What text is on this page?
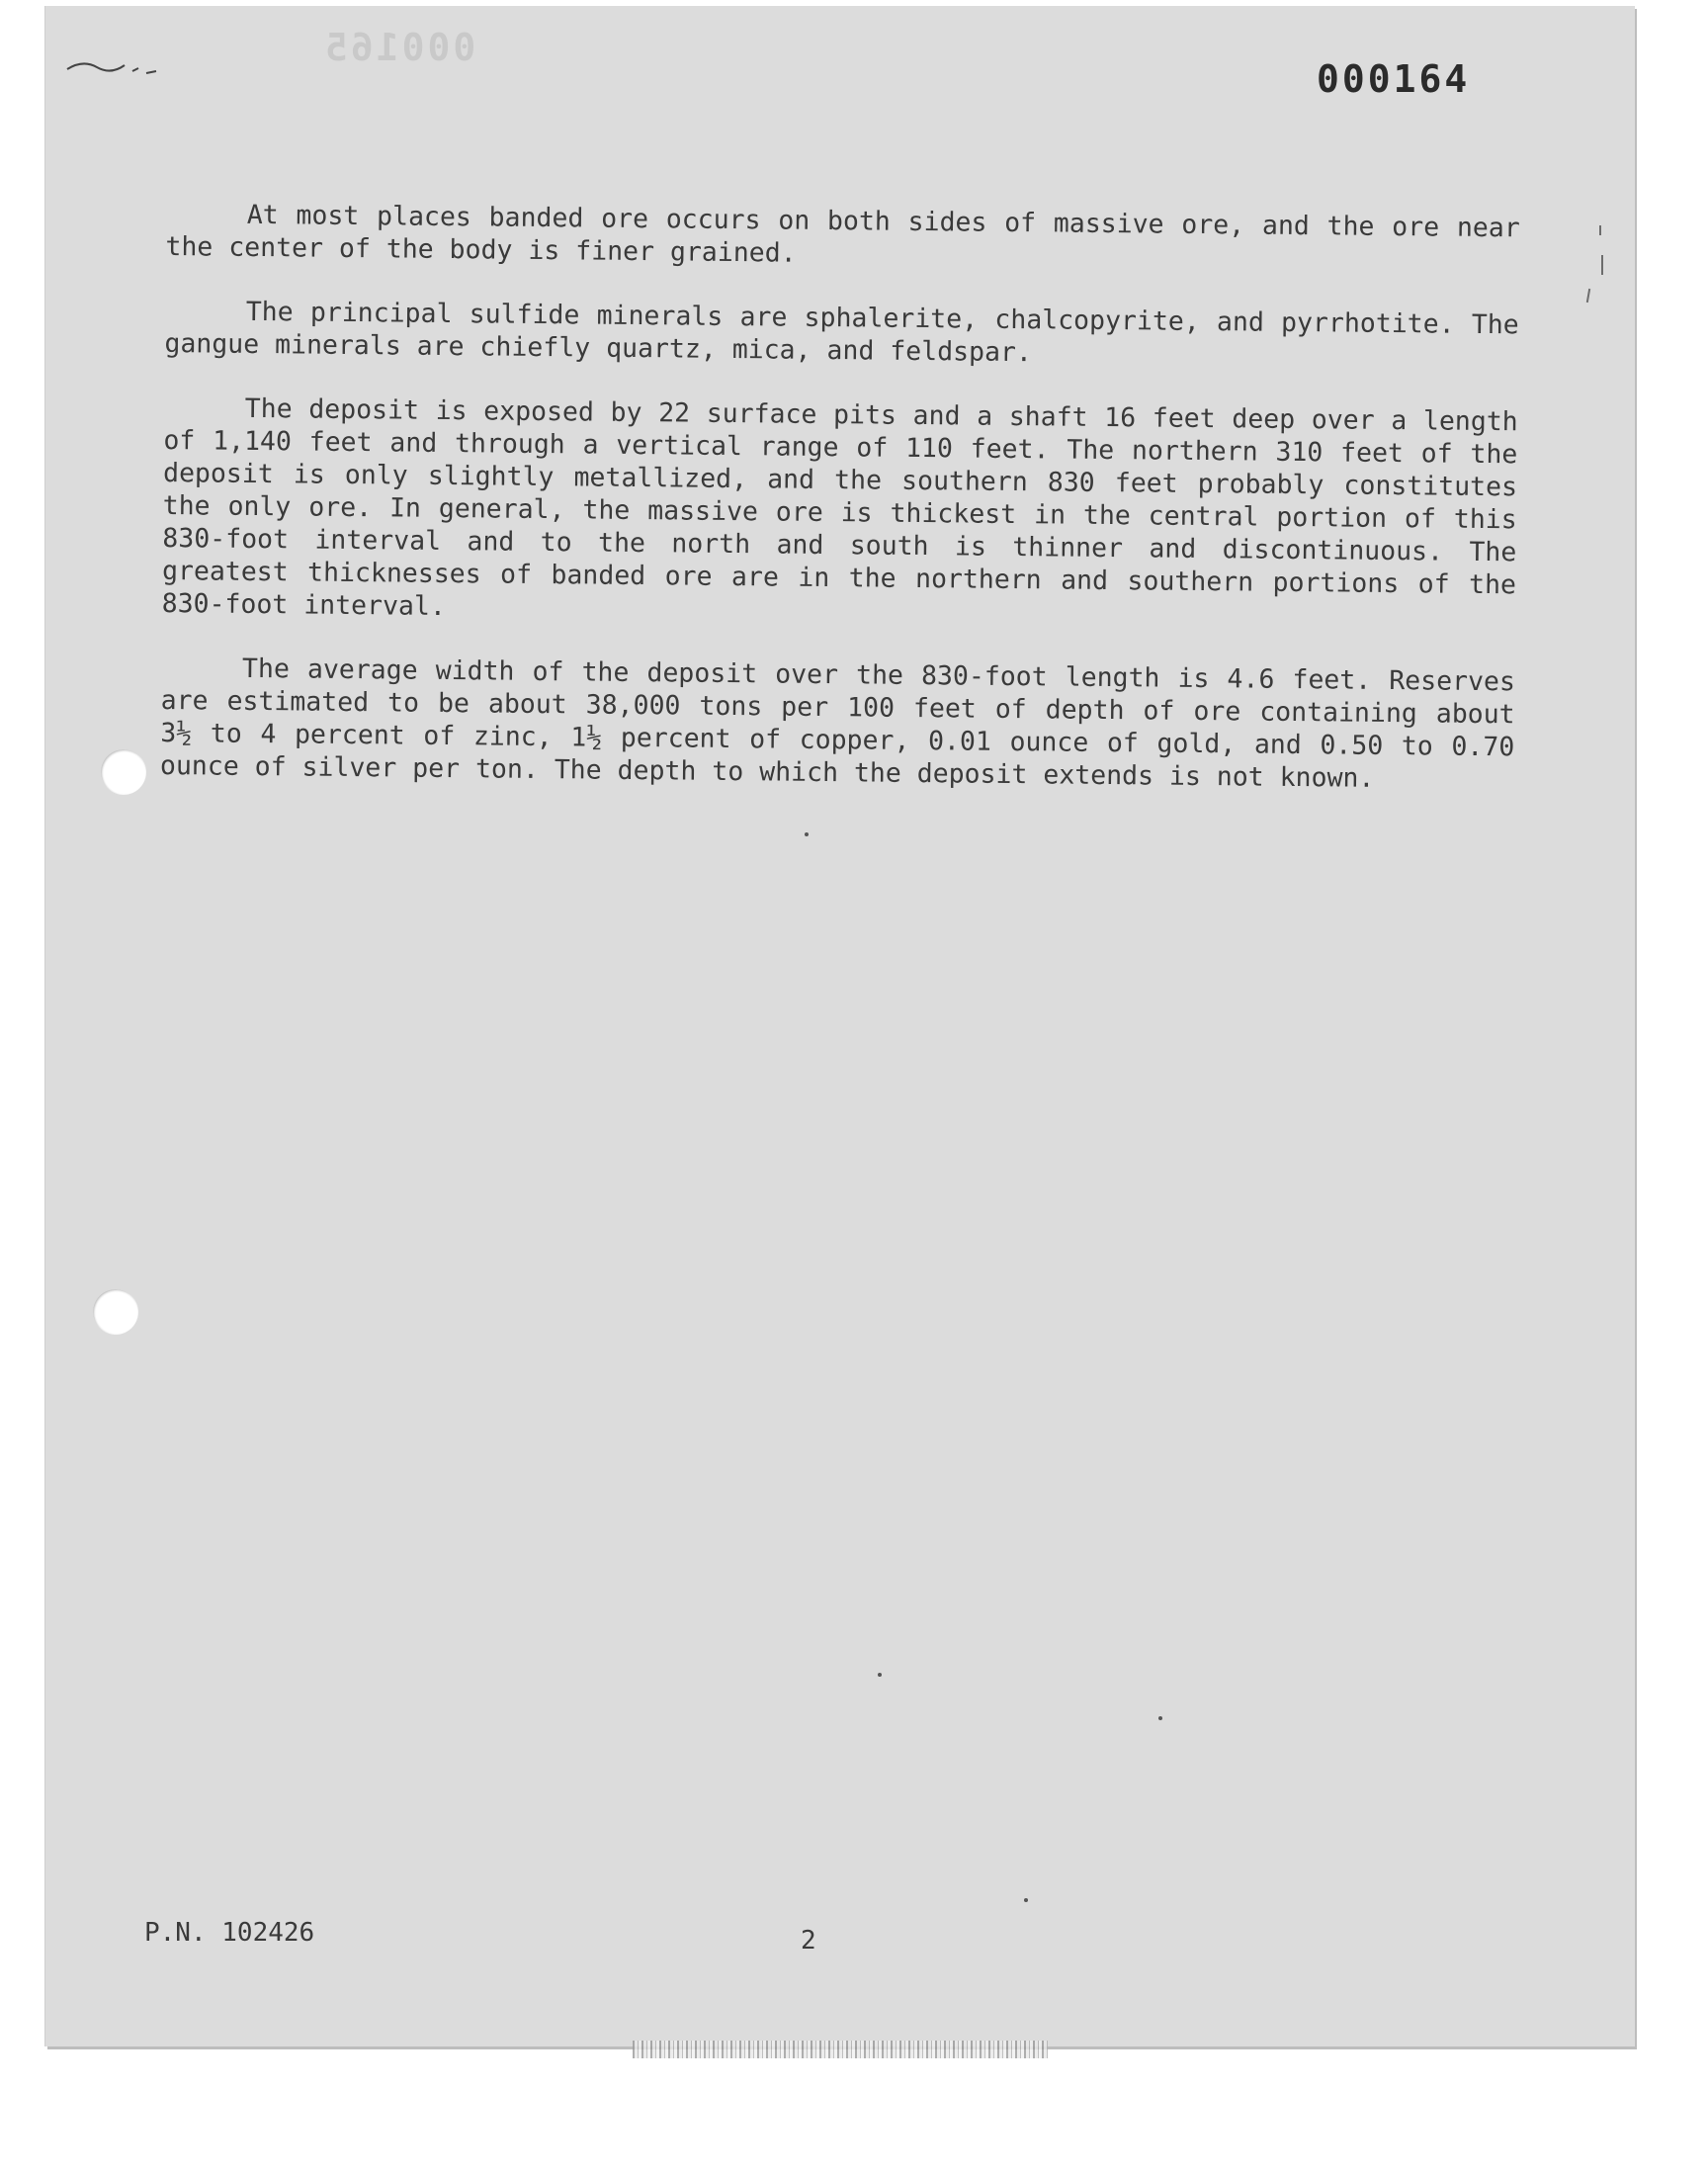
000165
000164

At most places banded ore occurs on both sides of massive ore, and the ore near the center of the body is finer grained.

The principal sulfide minerals are sphalerite, chalcopyrite, and pyrrhotite. The gangue minerals are chiefly quartz, mica, and feldspar.

The deposit is exposed by 22 surface pits and a shaft 16 feet deep over a length of 1,140 feet and through a vertical range of 110 feet. The northern 310 feet of the deposit is only slightly metallized, and the southern 830 feet probably constitutes the only ore. In general, the massive ore is thickest in the central portion of this 830-foot interval and to the north and south is thinner and discontinuous. The greatest thicknesses of banded ore are in the northern and southern portions of the 830-foot interval.

The average width of the deposit over the 830-foot length is 4.6 feet. Reserves are estimated to be about 38,000 tons per 100 feet of depth of ore containing about 3½ to 4 percent of zinc, 1½ percent of copper, 0.01 ounce of gold, and 0.50 to 0.70 ounce of silver per ton. The depth to which the deposit extends is not known.

P.N. 102426	2
